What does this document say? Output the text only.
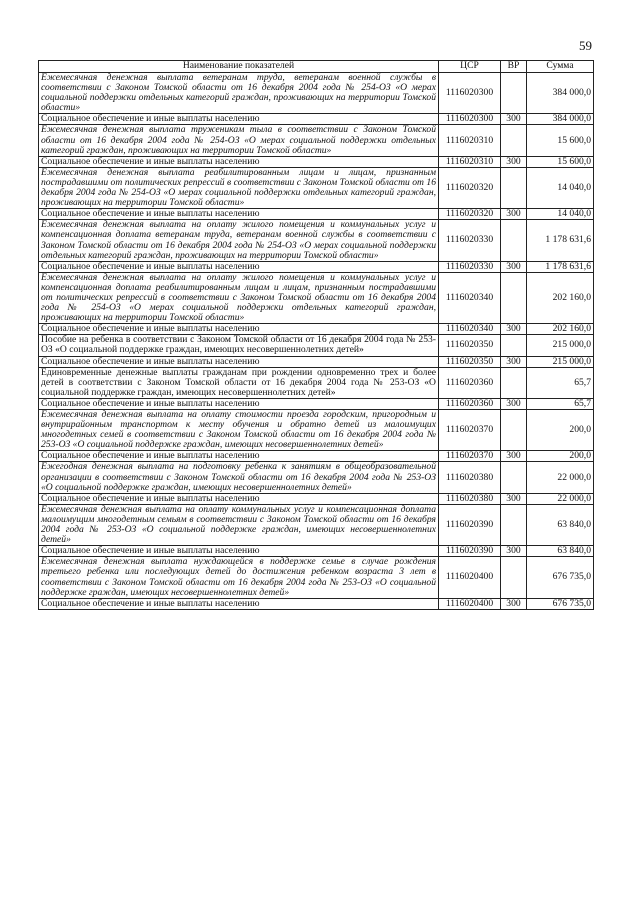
59
Наименование показателей	ЦСР	ВР	Сумма
Ежемесячная денежная выплата ветеранам труда, ветеранам военной службы в соответствии с Законом Томской области от 16 декабря 2004 года № 254-ОЗ «О мерах социальной поддержки отдельных категорий граждан, проживающих на территории Томской области»	1116020300		384 000,0
Социальное обеспечение и иные выплаты населению	1116020300	300	384 000,0
Ежемесячная денежная выплата труженикам тыла в соответствии с Законом Томской области от 16 декабря 2004 года № 254-ОЗ «О мерах социальной поддержки отдельных категорий граждан, проживающих на территории Томской области»	1116020310		15 600,0
Социальное обеспечение и иные выплаты населению	1116020310	300	15 600,0
Ежемесячная денежная выплата реабилитированным лицам и лицам, признанным пострадавшими от политических репрессий в соответствии с Законом Томской области от 16 декабря 2004 года № 254-ОЗ «О мерах социальной поддержки отдельных категорий граждан, проживающих на территории Томской области»	1116020320		14 040,0
Социальное обеспечение и иные выплаты населению	1116020320	300	14 040,0
Ежемесячная денежная выплата на оплату жилого помещения и коммунальных услуг и компенсационная доплата ветеранам труда, ветеранам военной службы в соответствии с Законом Томской области от 16 декабря 2004 года № 254-ОЗ «О мерах социальной поддержки отдельных категорий граждан, проживающих на территории Томской области»	1116020330		1 178 631,6
Социальное обеспечение и иные выплаты населению	1116020330	300	1 178 631,6
Ежемесячная денежная выплата на оплату жилого помещения и коммунальных услуг и компенсационная доплата реабилитированным лицам и лицам, признанным пострадавшими от политических репрессий в соответствии с Законом Томской области от 16 декабря 2004 года № 254-ОЗ «О мерах социальной поддержки отдельных категорий граждан, проживающих на территории Томской области»	1116020340		202 160,0
Социальное обеспечение и иные выплаты населению	1116020340	300	202 160,0
Пособие на ребенка в соответствии с Законом Томской области от 16 декабря 2004 года № 253-ОЗ «О социальной поддержке граждан, имеющих несовершеннолетних детей»	1116020350		215 000,0
Социальное обеспечение и иные выплаты населению	1116020350	300	215 000,0
Единовременные денежные выплаты гражданам при рождении одновременно трех и более детей в соответствии с Законом Томской области от 16 декабря 2004 года № 253-ОЗ «О социальной поддержке граждан, имеющих несовершеннолетних детей»	1116020360		65,7
Социальное обеспечение и иные выплаты населению	1116020360	300	65,7
Ежемесячная денежная выплата на оплату стоимости проезда городским, пригородным и внутрирайонным транспортом к месту обучения и обратно детей из малоимущих многодетных семей в соответствии с Законом Томской области от 16 декабря 2004 года № 253-ОЗ «О социальной поддержке граждан, имеющих несовершеннолетних детей»	1116020370		200,0
Социальное обеспечение и иные выплаты населению	1116020370	300	200,0
Ежегодная денежная выплата на подготовку ребенка к занятиям в общеобразовательной организации в соответствии с Законом Томской области от 16 декабря 2004 года № 253-ОЗ «О социальной поддержке граждан, имеющих несовершеннолетних детей»	1116020380		22 000,0
Социальное обеспечение и иные выплаты населению	1116020380	300	22 000,0
Ежемесячная денежная выплата на оплату коммунальных услуг и компенсационная доплата малоимущим многодетным семьям в соответствии с Законом Томской области от 16 декабря 2004 года № 253-ОЗ «О социальной поддержке граждан, имеющих несовершеннолетних детей»	1116020390		63 840,0
Социальное обеспечение и иные выплаты населению	1116020390	300	63 840,0
Ежемесячная денежная выплата нуждающейся в поддержке семье в случае рождения третьего ребенка или последующих детей до достижения ребенком возраста 3 лет в соответствии с Законом Томской области от 16 декабря 2004 года № 253-ОЗ «О социальной поддержке граждан, имеющих несовершеннолетних детей»	1116020400		676 735,0
Социальное обеспечение и иные выплаты населению	1116020400	300	676 735,0
